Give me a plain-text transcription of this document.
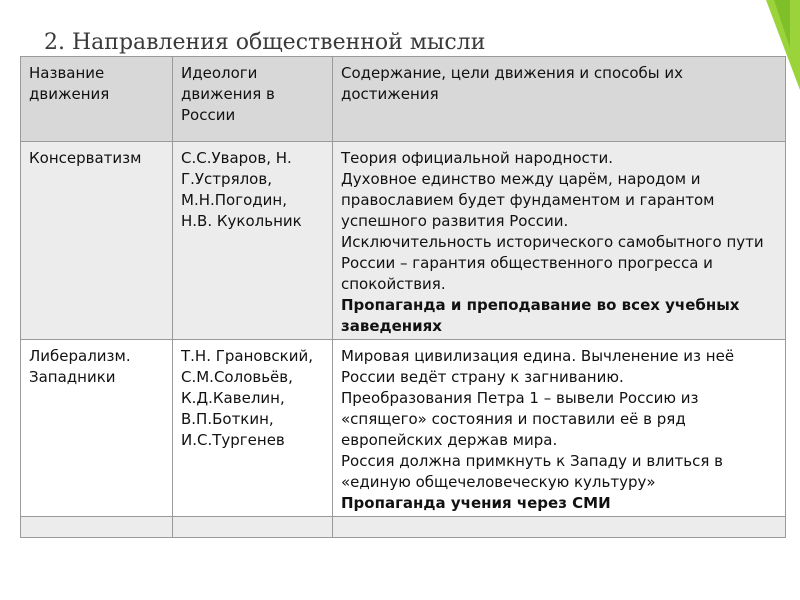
2. Направления общественной мысли
Название движения	Идеологи движения в России	Содержание, цели движения и способы их достижения
Консерватизм	С.С.Уваров, Н. Г.Устрялов, М.Н.Погодин, Н.В. Кукольник	Теория официальной народности.
Духовное единство между царём, народом и православием будет фундаментом и гарантом успешного развития России.
Исключительность исторического самобытного пути России – гарантия общественного прогресса и спокойствия.
Пропаганда и преподавание во всех учебных заведениях

Либерализм. Западники	Т.Н. Грановский, С.М.Соловьёв, К.Д.Кавелин, В.П.Боткин, И.С.Тургенев	Мировая цивилизация едина. Вычленение из неё России ведёт страну к загниванию.
Преобразования Петра 1 – вывели Россию из «спящего» состояния и поставили её в ряд европейских держав мира.
Россия должна примкнуть к Западу и влиться в «единую общечеловеческую культуру»
Пропаганда учения через СМИ
